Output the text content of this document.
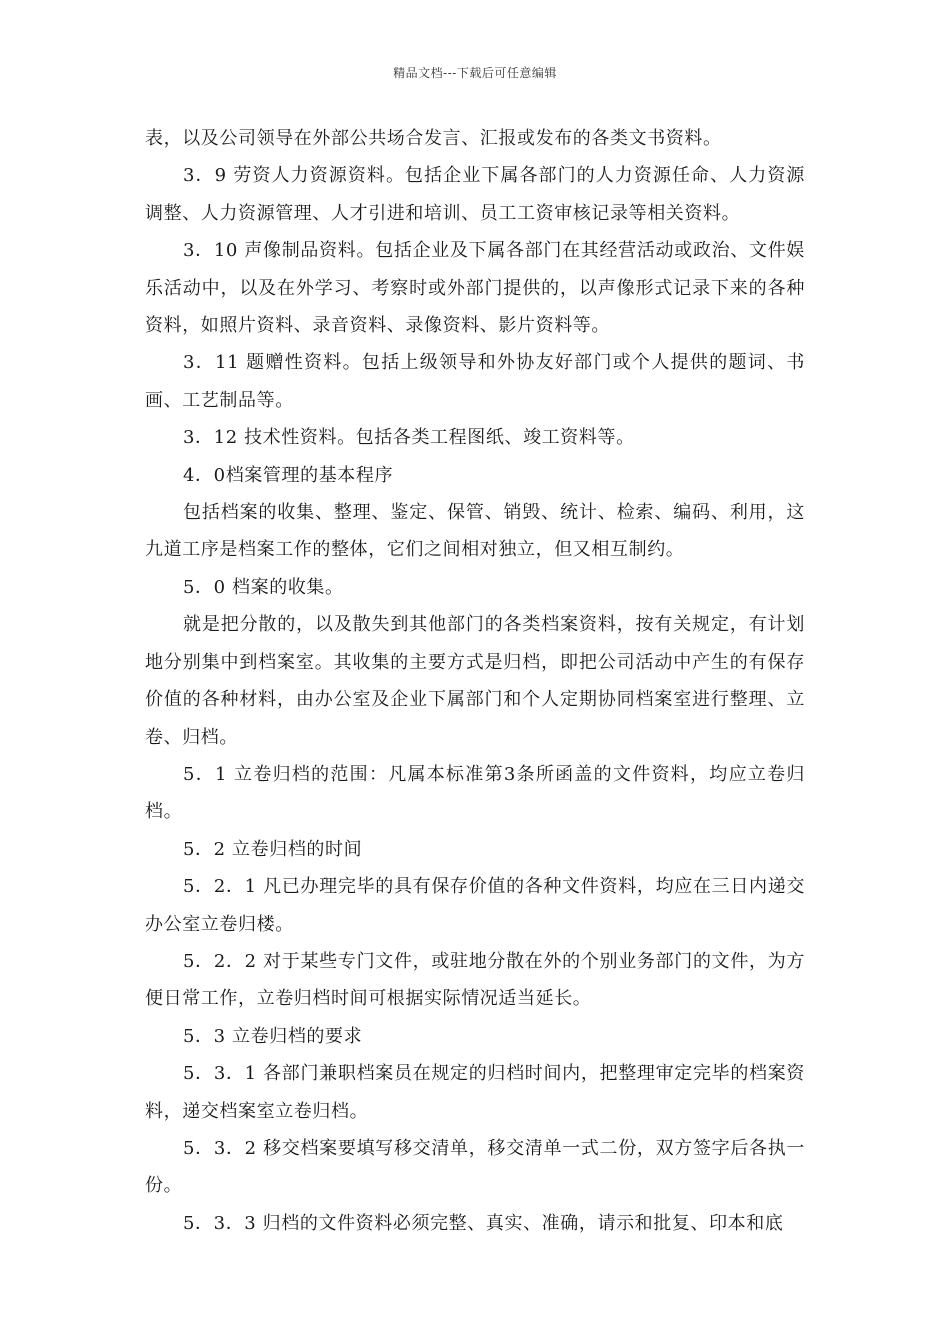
精品文档---下载后可任意编辑

表，以及公司领导在外部公共场合发言、汇报或发布的各类文书资料。

3．9 劳资人力资源资料。包括企业下属各部门的人力资源任命、人力资源调整、人力资源管理、人才引进和培训、员工工资审核记录等相关资料。

3．10 声像制品资料。包括企业及下属各部门在其经营活动或政治、文件娱乐活动中，以及在外学习、考察时或外部门提供的，以声像形式记录下来的各种资料，如照片资料、录音资料、录像资料、影片资料等。

3．11 题赠性资料。包括上级领导和外协友好部门或个人提供的题词、书画、工艺制品等。

3．12 技术性资料。包括各类工程图纸、竣工资料等。

4．0档案管理的基本程序

包括档案的收集、整理、鉴定、保管、销毁、统计、检索、编码、利用，这九道工序是档案工作的整体，它们之间相对独立，但又相互制约。

5．0 档案的收集。

就是把分散的，以及散失到其他部门的各类档案资料，按有关规定，有计划地分别集中到档案室。其收集的主要方式是归档，即把公司活动中产生的有保存价值的各种材料，由办公室及企业下属部门和个人定期协同档案室进行整理、立卷、归档。

5．1 立卷归档的范围：凡属本标准第3条所函盖的文件资料，均应立卷归档。

5．2 立卷归档的时间

5．2．1 凡已办理完毕的具有保存价值的各种文件资料，均应在三日内递交办公室立卷归楼。

5．2．2 对于某些专门文件，或驻地分散在外的个别业务部门的文件，为方便日常工作，立卷归档时间可根据实际情况适当延长。

5．3 立卷归档的要求

5．3．1 各部门兼职档案员在规定的归档时间内，把整理审定完毕的档案资料，递交档案室立卷归档。

5．3．2 移交档案要填写移交清单，移交清单一式二份，双方签字后各执一份。

5．3．3 归档的文件资料必须完整、真实、准确，请示和批复、印本和底
